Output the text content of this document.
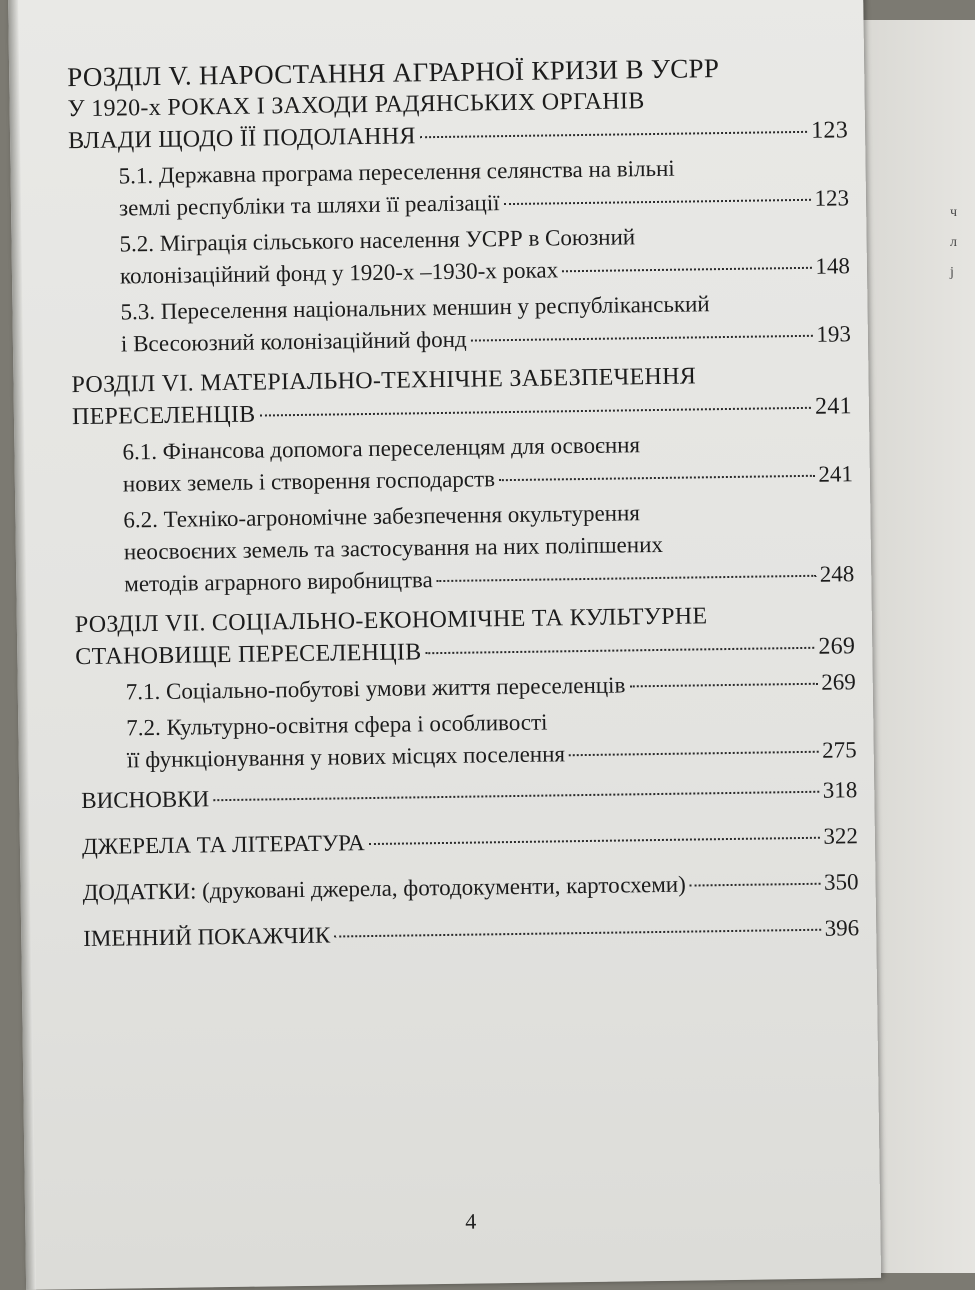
ч
л
ј
РОЗДІЛ V. НАРОСТАННЯ АГРАРНОЇ КРИЗИ В УСРР
У 1920-х РОКАХ І ЗАХОДИ РАДЯНСЬКИХ ОРГАНІВ
ВЛАДИ ЩОДО ЇЇ ПОДОЛАННЯ	123
5.1. Державна програма переселення селянства на вільні
землі республіки та шляхи її реалізації	123
5.2. Міграція сільського населення УСРР в Союзний
колонізаційний фонд у 1920-х –1930-х роках	148
5.3. Переселення національних меншин у республіканський
і Всесоюзний колонізаційний фонд	193
РОЗДІЛ VI. МАТЕРІАЛЬНО-ТЕХНІЧНЕ ЗАБЕЗПЕЧЕННЯ
ПЕРЕСЕЛЕНЦІВ	241
6.1. Фінансова допомога переселенцям для освоєння
нових земель і створення господарств	241
6.2. Техніко-агрономічне забезпечення окультурення
неосвоєних земель та застосування на них поліпшених
методів аграрного виробництва	248
РОЗДІЛ VII. СОЦІАЛЬНО-ЕКОНОМІЧНЕ ТА КУЛЬТУРНЕ
СТАНОВИЩЕ ПЕРЕСЕЛЕНЦІВ	269
7.1. Соціально-побутові умови життя переселенців	269
7.2. Культурно-освітня сфера і особливості
її функціонування у нових місцях поселення	275
ВИСНОВКИ	318
ДЖЕРЕЛА ТА ЛІТЕРАТУРА	322
ДОДАТКИ: (друковані джерела, фотодокументи, картосхеми)	350
ІМЕННИЙ ПОКАЖЧИК	396
4
